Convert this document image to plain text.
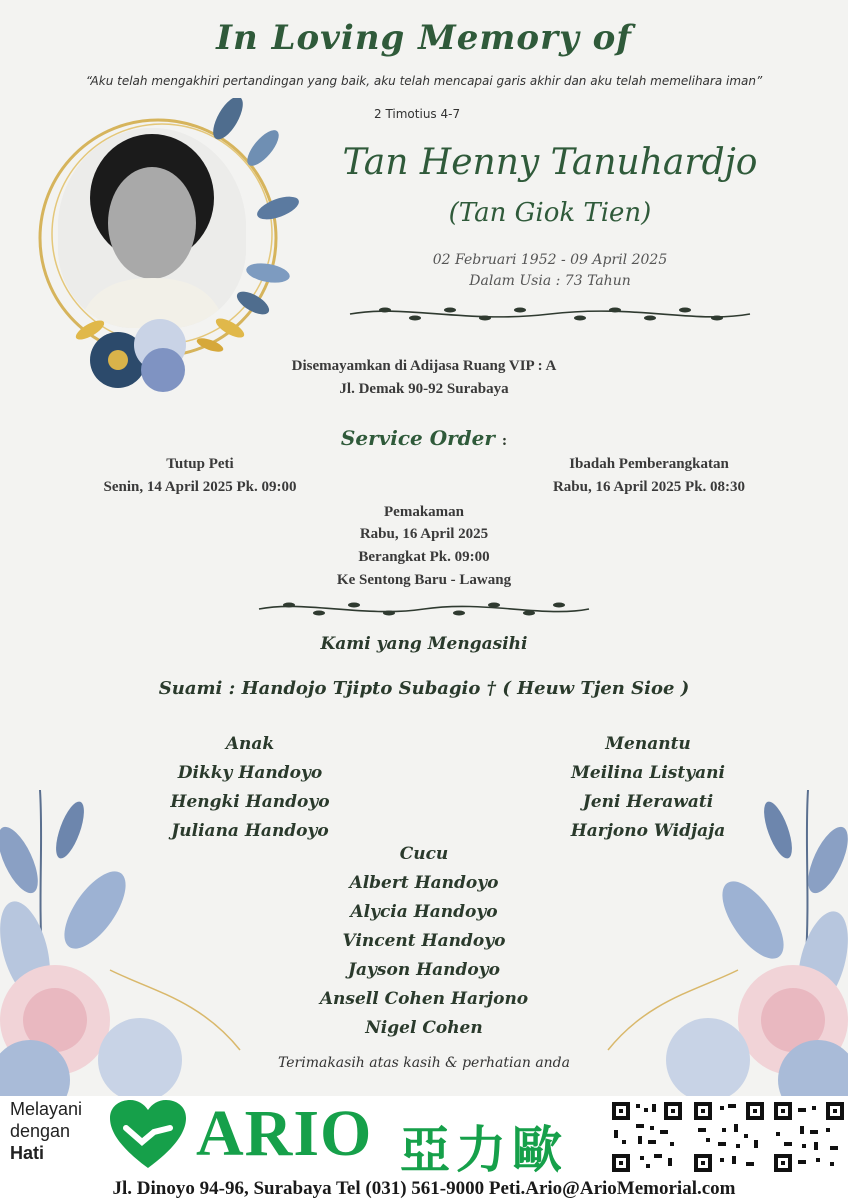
In Loving Memory of
“Aku telah mengakhiri pertandingan yang baik, aku telah mencapai garis akhir dan aku telah memelihara iman”
2 Timotius 4-7
Tan Henny Tanuhardjo
(Tan Giok Tien)
02 Februari 1952 - 09 April 2025
Dalam Usia : 73 Tahun
Disemayamkan di Adijasa Ruang VIP : A
Jl. Demak 90-92 Surabaya
Service Order :
Tutup Peti
Senin, 14 April 2025 Pk. 09:00
Ibadah Pemberangkatan
Rabu, 16 April 2025 Pk. 08:30
Pemakaman
Rabu, 16 April 2025
Berangkat Pk. 09:00
Ke Sentong Baru - Lawang
Kami yang Mengasihi
Suami : Handojo Tjipto Subagio † ( Heuw Tjen Sioe )
Anak
Dikky Handoyo
Hengki Handoyo
Juliana Handoyo
Menantu
Meilina Listyani
Jeni Herawati
Harjono Widjaja
Cucu
Albert Handoyo
Alycia Handoyo
Vincent Handoyo
Jayson Handoyo
Ansell Cohen Harjono
Nigel Cohen
Terimakasih atas kasih & perhatian anda
Melayani
dengan
Hati	ARIO 亞力歐
Jl. Dinoyo 94-96, Surabaya Tel (031) 561-9000 Peti.Ario@ArioMemorial.com
